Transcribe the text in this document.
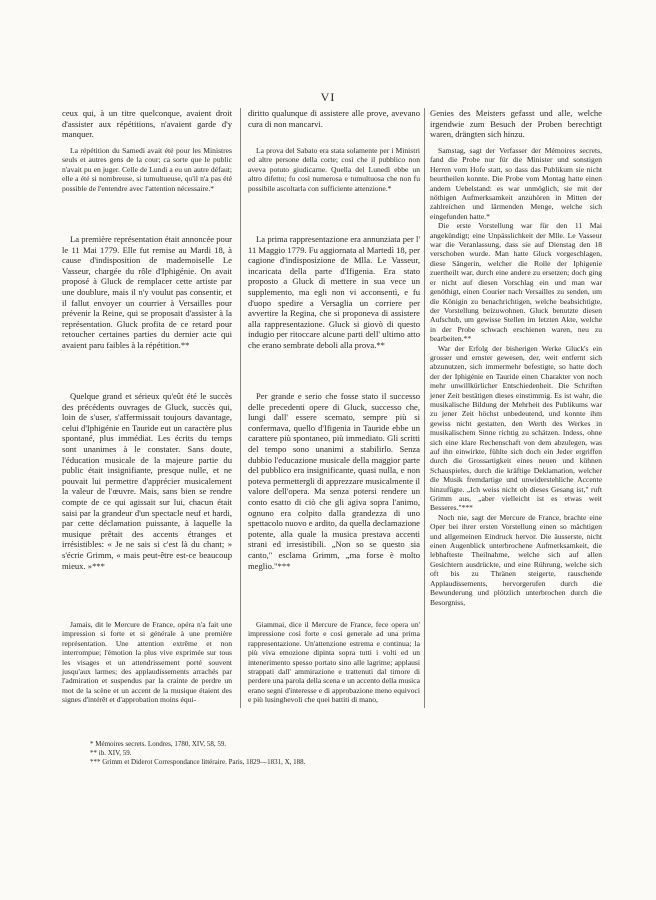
VI

ceux qui, à un titre quelconque, avaient droit d'assister aux répétitions, n'avaient garde d'y manquer.

La répétition du Samedi avait été pour les Ministres seuls et autres gens de la cour; ca sorte que le public n'avait pu en juger. Celle de Lundi a eu un autre défaut; elle a été si nombreuse, si tumultueuse, qu'il n'a pas été possible de l'entendre avec l'attention nécessaire.*

La première représentation était annoncée pour le 11 Mai 1779. Elle fut remise au Mardi 18, à cause d'indisposition de mademoiselle Le Vasseur, chargée du rôle d'Iphigénie. On avait proposé à Gluck de remplacer cette artiste par une doublure, mais il n'y voulut pas consentir, et il fallut envoyer un courrier à Versailles pour prévenir la Reine, qui se proposait d'assister à la représentation. Gluck profita de ce retard pour retoucher certaines parties du dernier acte qui avaient paru faibles à la répétition.**

Quelque grand et sérieux qu'eût été le succès des précédents ouvrages de Gluck, succès qui, loin de s'user, s'affermissait toujours davantage, celui d'Iphigénie en Tauride eut un caractère plus spontané, plus immédiat. Les écrits du temps sont unanimes à le constater. Sans doute, l'éducation musicale de la majeure partie du public était insignifiante, presque nulle, et ne pouvait lui permettre d'apprécier musicalement la valeur de l'œuvre. Mais, sans bien se rendre compte de ce qui agissait sur lui, chacun était saisi par la grandeur d'un spectacle neuf et hardi, par cette déclamation puissante, à laquelle la musique prêtait des accents étranges et irrésistibles: « Je ne sais si c'est là du chant; » s'écrie Grimm, « mais peut-être est-ce beaucoup mieux. »***

Jamais, dit le Mercure de France, opéra n'a fait une impression si forte et si générale à une première représentation. Une attention extrême et non interrompue; l'émotion la plus vive exprimée sur tous les visages et un attendrissement porté souvent jusqu'aux larmes; des applaudissements arrachés par l'admiration et suspendus par la crainte de perdre un mot de la scène et un accent de la musique étaient des signes d'intérêt et d'approbation moins équi-

diritto qualunque di assistere alle prove, avevano cura di non mancarvi.

La prova del Sabato era stata solamente per i Ministri ed altre persone della corte; così che il pubblico non aveva potuto giudicarne. Quella del Lunedì ebbe un altro difetto; fu così numerosa e tumultuosa che non fu possibile ascoltarla con sufficiente attenzione.*

La prima rappresentazione era annunziata per l' 11 Maggio 1779. Fu aggiornata al Martedì 18, per cagione d'indisposizione de Mlla. Le Vasseur, incaricata della parte d'Ifigenia. Era stato proposto a Gluck di mettere in sua vece un supplemento, ma egli non vi acconsentì, e fu d'uopo spedire a Versaglia un corriere per avvertire la Regina, che si proponeva di assistere alla rappresentazione. Gluck si giovò di questo indugio per ritoccare alcune parti dell' ultimo atto che erano sembrate deboli alla prova.**

Per grande e serio che fosse stato il successo delle precedenti opere di Gluck, successo che, lungi dall' essere scemato, sempre più si confermava, quello d'Ifigenia in Tauride ebbe un carattere più spontaneo, più immediato. Gli scritti del tempo sono unanimi a stabilirlo. Senza dubbio l'educazione musicale della maggior parte del pubblico era insignificante, quasi nulla, e non poteva permettergli di apprezzare musicalmente il valore dell'opera. Ma senza potersi rendere un conto esatto di ciò che gli agiva sopra l'animo, ognuno era colpito dalla grandezza di uno spettacolo nuovo e ardito, da quella declamazione potente, alla quale la musica prestava accenti strani ed irresistibili. „Non so se questo sia canto," esclama Grimm, „ma forse è molto meglio."***

Giammai, dice il Mercure de France, fece opera un' impressione così forte e così generale ad una prima rappresentazione. Un'attenzione estrema e continua; la più viva emozione dipinta sopra tutti i volti ed un intenerimento spesso portato sino alle lagrime; applausi strappati dall' ammirazione e trattenuti dal timore di perdere una parola della scena e un accento della musica erano segni d'interesse e di approbazione meno equivoci e più lusinghevoli che quei battiti di mano,

Genies des Meisters gefasst und alle, welche irgendwie zum Besuch der Proben berechtigt waren, drängten sich hinzu.

Samstag, sagt der Verfasser der Mémoires secrets, fand die Probe nur für die Minister und sonstigen Herren vom Hofe statt, so dass das Publikum sie nicht beurtheilen konnte. Die Probe vom Montag hatte einen andern Uebelstand: es war unmöglich, sie mit der nöthigen Aufmerksamkeit anzuhören in Mitten der zahlreichen und lärmenden Menge, welche sich eingefunden hatte.*

Die erste Vorstellung war für den 11 Mai angekündigt; eine Unpässlichkeit der Mlle. Le Vasseur war die Veranlassung, dass sie auf Dienstag den 18 verschoben wurde. Man hatte Gluck vorgeschlagen, diese Sängerin, welcher die Rolle der Iphigenie zuertheilt war, durch eine andere zu ersetzen; doch ging er nicht auf diesen Vorschlag ein und man war genöthigt, einen Courier nach Versailles zu senden, um die Königin zu benachrichtigen, welche beabsichtigte, der Vorstellung beizuwohnen. Gluck benutzte diesen Aufschub, um gewisse Stellen im letzten Akte, welche in der Probe schwach erschienen waren, neu zu bearbeiten.**

War der Erfolg der bisherigen Werke Gluck's ein grosser und ernster gewesen, der, weit entfernt sich abzunutzen, sich immermehr befestigte, so hatte doch der der Iphigénie en Tauride einen Charakter von noch mehr unwillkürlicher Entschiedenheit. Die Schriften jener Zeit bestätigen dieses einstimmig. Es ist wahr, die musikalische Bildung der Mehrheit des Publikums war zu jener Zeit höchst unbedeutend, und konnte ihm gewiss nicht gestatten, den Werth des Werkes in musikalischem Sinne richtig zu schätzen. Indess, ohne sich eine klare Rechenschaft von dem abzulegen, was auf ihn einwirkte, fühlte sich doch ein Jeder ergriffen durch die Grossartigkeit eines neuen und kühnen Schauspieles, durch die kräftige Deklamation, welcher die Musik fremdartige und unwiderstehliche Accente hinzufügte. „Ich weiss nicht ob dieses Gesang ist," ruft Grimm aus, „aber vielleicht ist es etwas weit Besseres."***

Noch nie, sagt der Mercure de France, brachte eine Oper bei ihrer ersten Vorstellung einen so mächtigen und allgemeinen Eindruck hervor. Die äusserste, nicht einen Augenblick unterbrochene Aufmerksamkeit, die lebhafteste Theilnahme, welche sich auf allen Gesichtern ausdrückte, und eine Rührung, welche sich oft bis zu Thränen steigerte, rauschende Applaudissements, hervorgerufen durch die Bewunderung und plötzlich unterbrochen durch die Besorgniss,

* Mémoires secrets. Londres, 1780, XIV, 58, 59.
** ib. XIV, 59.
*** Grimm et Diderot Correspondance littéraire. Paris, 1829—1831, X, 188.
